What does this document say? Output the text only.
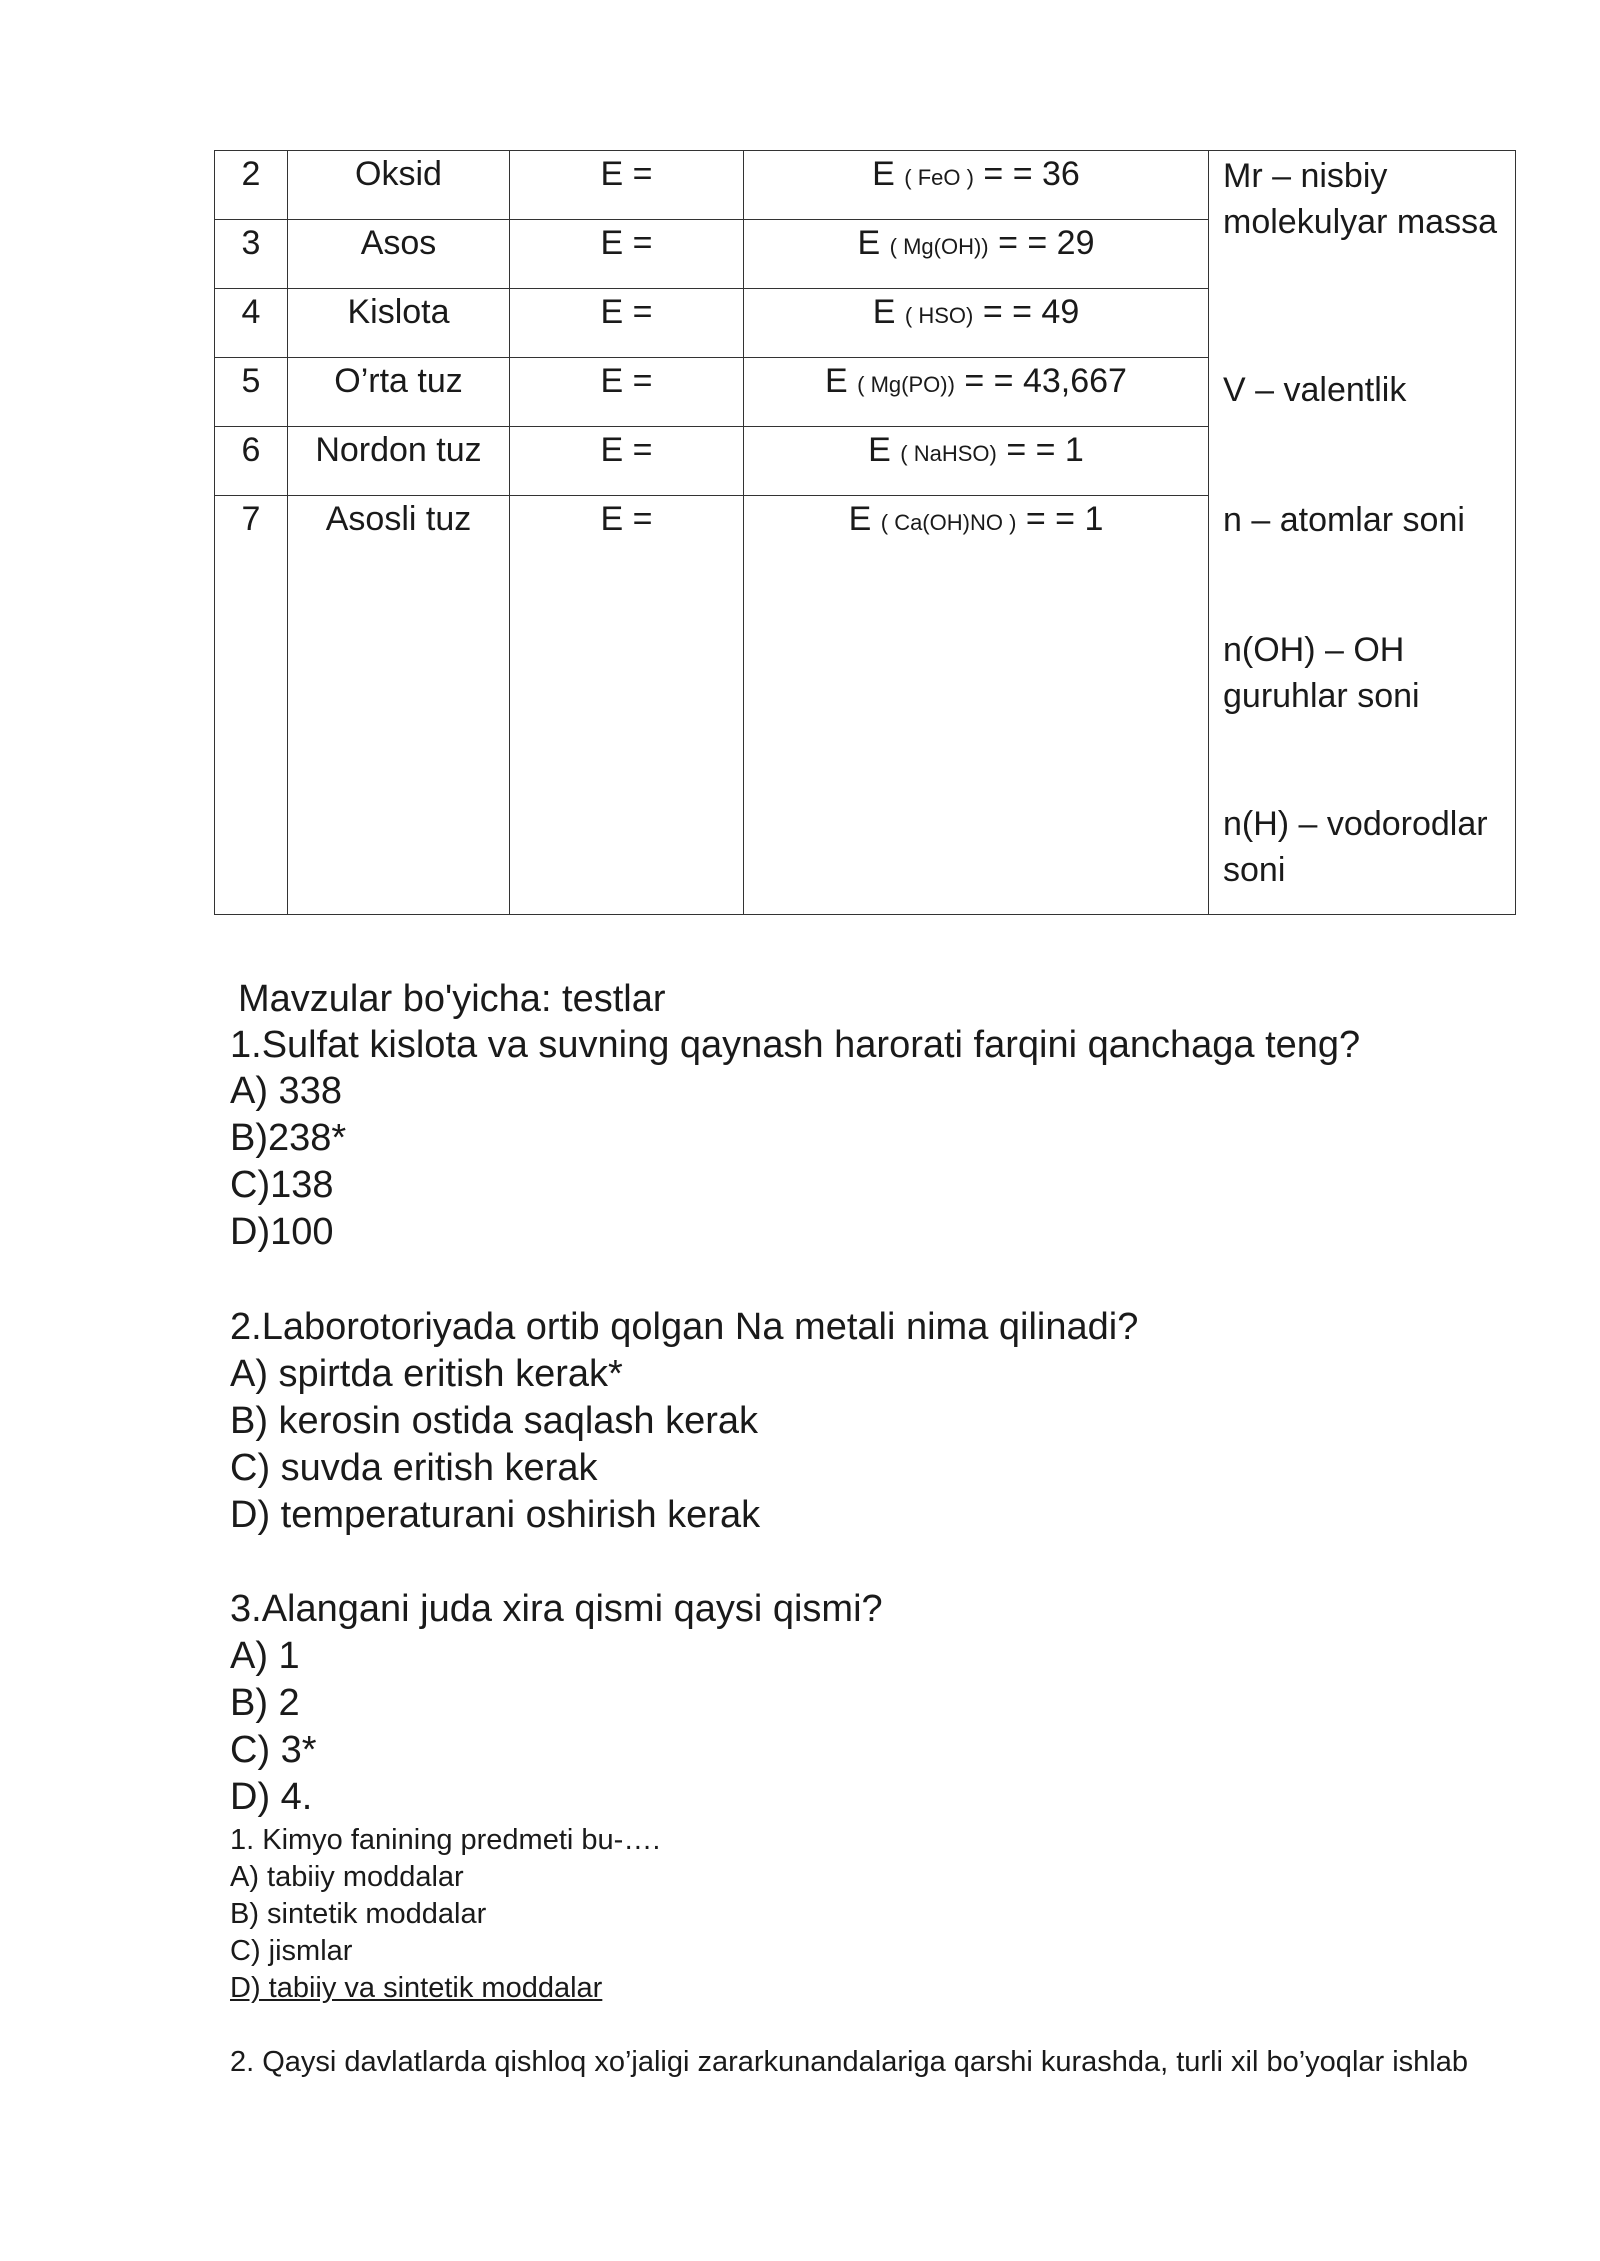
2	Oksid	E =	E ( FeO ) = = 36	Mr – nisbiy molekulyar massa
V – valentlik
n – atomlar soni
n(OH) – OH guruhlar soni
n(H) – vodorodlar soni

3	Asos	E =	E ( Mg(OH)) = = 29	
4	Kislota	E =	E ( HSO) = = 49	
5	O’rta tuz	E =	E ( Mg(PO)) = = 43,667	
6	Nordon tuz	E =	E ( NaHSO) = = 1	
7	Asosli tuz	E =	E ( Ca(OH)NO ) = = 1	
Mavzular bo'yicha: testlar
1.Sulfat kislota va suvning qaynash harorati farqini qanchaga teng?
A) 338
B)238*
C)138
D)100
2.Laborotoriyada ortib qolgan Na metali nima qilinadi?
A) spirtda eritish kerak*
B) kerosin ostida saqlash kerak
C) suvda eritish kerak
D) temperaturani oshirish kerak
3.Alangani juda xira qismi qaysi qismi?
A) 1
B) 2
C) 3*
D) 4.
1. Kimyo fanining predmeti bu-….
A) tabiiy moddalar
B) sintetik moddalar
C) jismlar
D) tabiiy va sintetik moddalar
2. Qaysi davlatlarda qishloq xo’jaligi zararkunandalariga qarshi kurashda, turli xil bo’yoqlar ishlab
